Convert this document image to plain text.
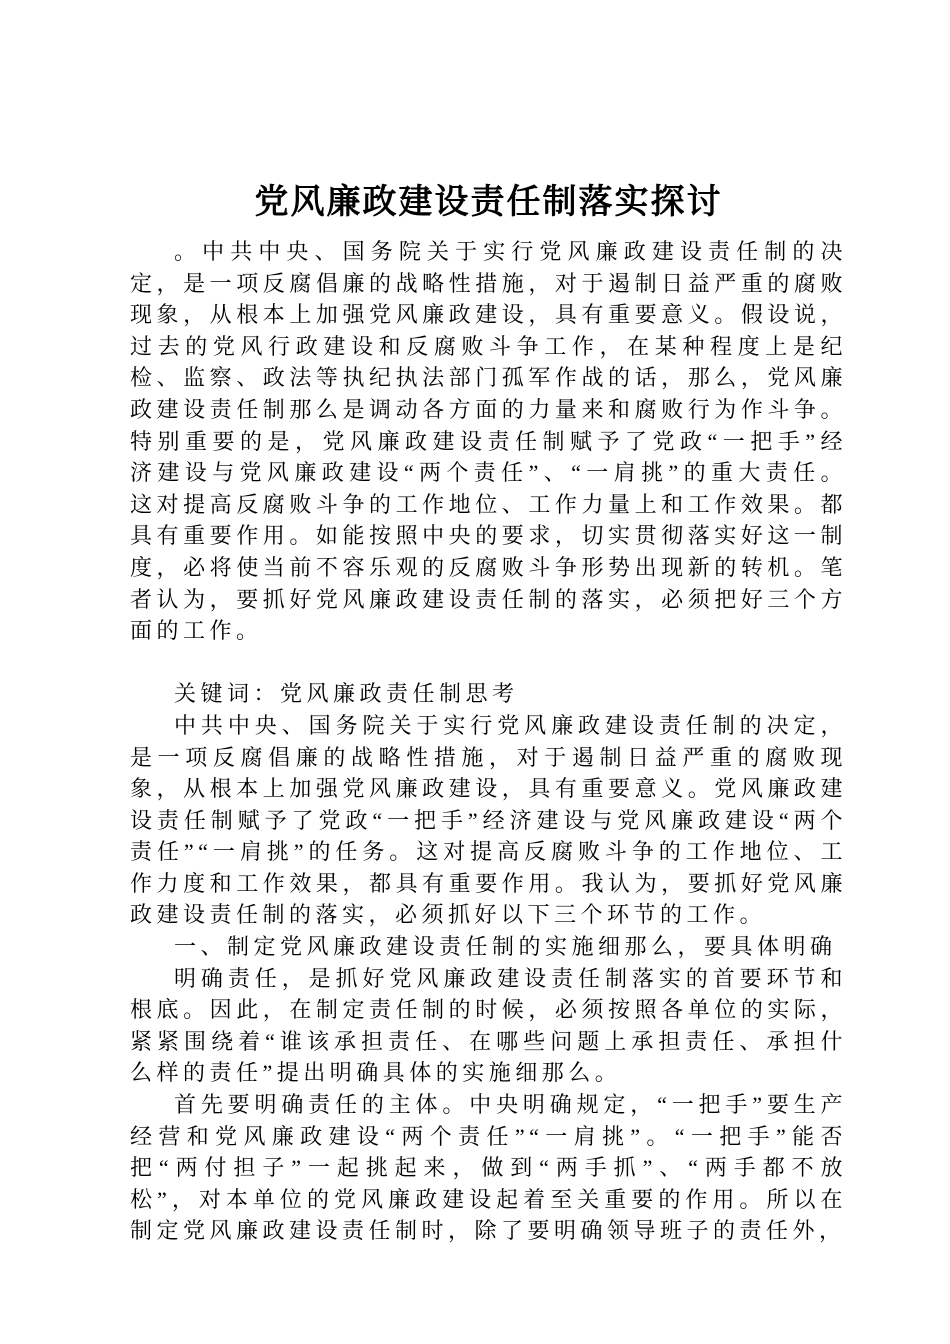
党风廉政建设责任制落实探讨

。中共中央、国务院关于实行党风廉政建设责任制的决定，是一项反腐倡廉的战略性措施，对于遏制日益严重的腐败现象，从根本上加强党风廉政建设，具有重要意义。假设说，过去的党风行政建设和反腐败斗争工作，在某种程度上是纪检、监察、政法等执纪执法部门孤军作战的话，那么，党风廉政建设责任制那么是调动各方面的力量来和腐败行为作斗争。特别重要的是，党风廉政建设责任制赋予了党政“一把手”经济建设与党风廉政建设“两个责任”、“一肩挑”的重大责任。这对提高反腐败斗争的工作地位、工作力量上和工作效果。都具有重要作用。如能按照中央的要求，切实贯彻落实好这一制度，必将使当前不容乐观的反腐败斗争形势出现新的转机。笔者认为，要抓好党风廉政建设责任制的落实，必须把好三个方面的工作。

关键词：党风廉政责任制思考

中共中央、国务院关于实行党风廉政建设责任制的决定，是一项反腐倡廉的战略性措施，对于遏制日益严重的腐败现象，从根本上加强党风廉政建设，具有重要意义。党风廉政建设责任制赋予了党政“一把手”经济建设与党风廉政建设“两个责任”“一肩挑”的任务。这对提高反腐败斗争的工作地位、工作力度和工作效果，都具有重要作用。我认为，要抓好党风廉政建设责任制的落实，必须抓好以下三个环节的工作。

一、制定党风廉政建设责任制的实施细那么，要具体明确

明确责任，是抓好党风廉政建设责任制落实的首要环节和根底。因此，在制定责任制的时候，必须按照各单位的实际，紧紧围绕着“谁该承担责任、在哪些问题上承担责任、承担什么样的责任”提出明确具体的实施细那么。

首先要明确责任的主体。中央明确规定，“一把手”要生产经营和党风廉政建设“两个责任”“一肩挑”。“一把手”能否把“两付担子”一起挑起来，做到“两手抓”、“两手都不放松”，对本单位的党风廉政建设起着至关重要的作用。所以在制定党风廉政建设责任制时，除了要明确领导班子的责任外，
